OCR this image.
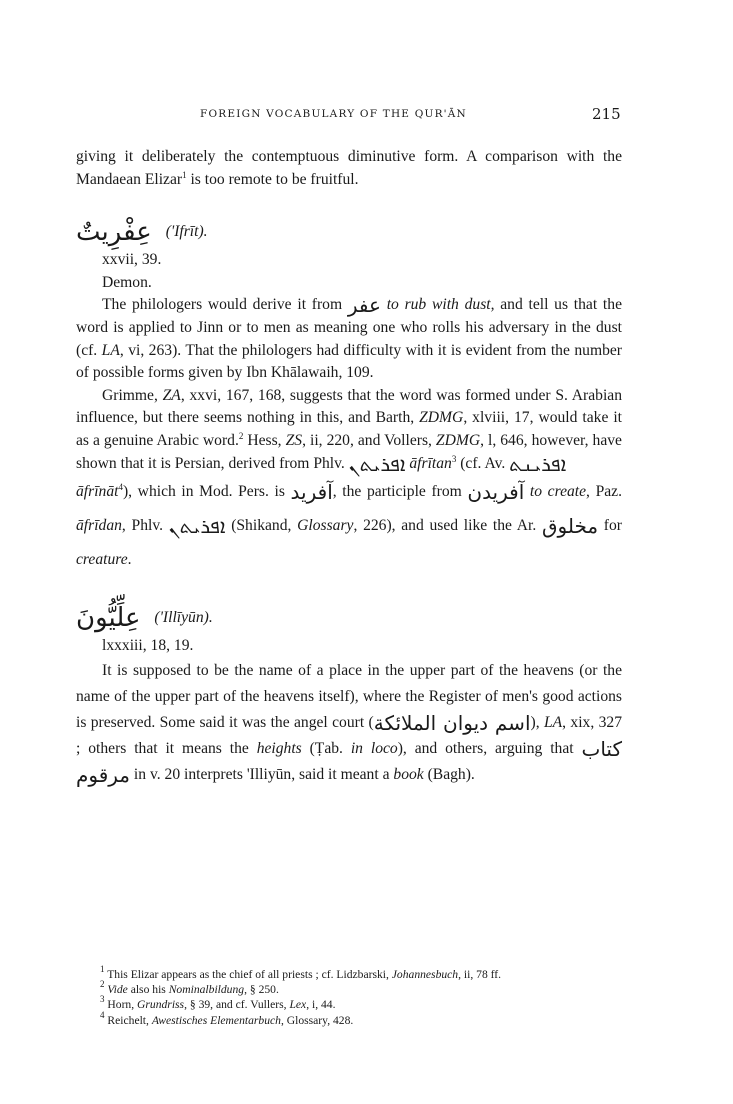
FOREIGN VOCABULARY OF THE QUR'ĀN	215

giving it deliberately the contemptuous diminutive form. A comparison with the Mandaean Elizar$^1$ is too remote to be fruitful.

عِفْرِيتٌ ('Ifrīt).

xxvii, 39.

Demon.

The philologers would derive it from عفر to rub with dust, and tell us that the word is applied to Jinn or to men as meaning one who rolls his adversary in the dust (cf. LA, vi, 263). That the philologers had difficulty with it is evident from the number of possible forms given by Ibn Khālawaih, 109.

Grimme, ZA, xxvi, 167, 168, suggests that the word was formed under S. Arabian influence, but there seems nothing in this, and Barth, ZDMG, xlviii, 17, would take it as a genuine Arabic word.$^2$ Hess, ZS, ii, 220, and Vollers, ZDMG, l, 646, however, have shown that it is Persian, derived from Phlv. ܐܦܪܝܬܢ āfrītan$^3$ (cf. Av. ܐܦܪܝܢܬ

āfrīnāt$^4$), which in Mod. Pers. is آفريد, the participle from آفريدن to create, Paz. āfrīdan, Phlv. ܐܦܪܝܬܢ (Shikand, Glossary, 226), and used like the Ar. مخلوق for creature.

عِلِّيُّونَ ('Illīyūn).

lxxxiii, 18, 19.

It is supposed to be the name of a place in the upper part of the heavens (or the name of the upper part of the heavens itself), where the Register of men's good actions is preserved. Some said it was the angel court (اسم ديوان الملائكة), LA, xix, 327 ; others that it means the heights (Ṭab. in loco), and others, arguing that كتاب مرقوم in v. 20 interprets 'Illiyūn, said it meant a book (Bagh).

$^1$ This Elizar appears as the chief of all priests ; cf. Lidzbarski, Johannesbuch, ii, 78 ff.

$^2$ Vide also his Nominalbildung, § 250.

$^3$ Horn, Grundriss, § 39, and cf. Vullers, Lex, i, 44.

$^4$ Reichelt, Awestisches Elementarbuch, Glossary, 428.
